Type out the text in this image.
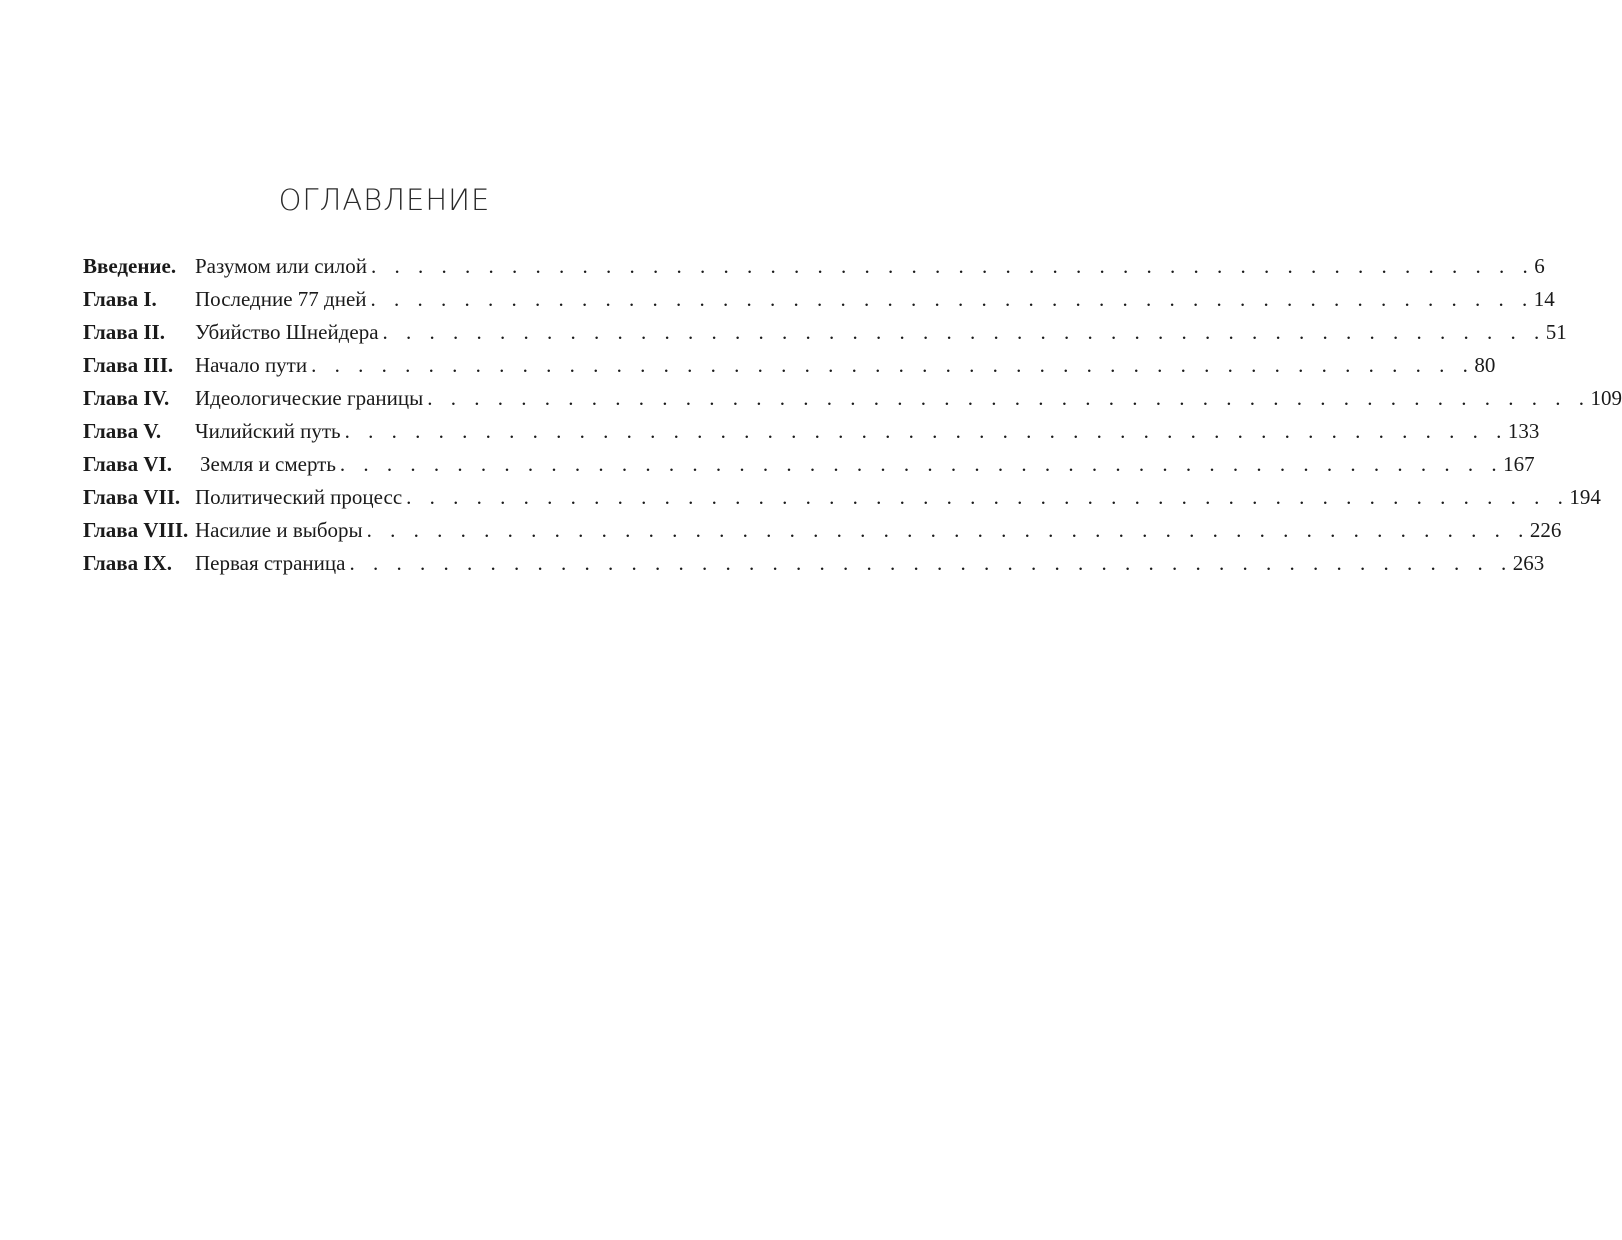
ОГЛАВЛЕНИЕ
Введение. Разумом или силой . . . . . . . . . . . . . . . . . . . . . . . . . . . . . . . . . . . . . . . . . . . . . . . . . . 6
Глава I.	Последние 77 дней . . . . . . . . . . . . . . . . . . . . . . . . . . . . . . . . . . . . . . . . . . . . . . . . . . 14
Глава II.	Убийство Шнейдера . . . . . . . . . . . . . . . . . . . . . . . . . . . . . . . . . . . . . . . . . . . . . . . . . . 51
Глава III.	Начало пути . . . . . . . . . . . . . . . . . . . . . . . . . . . . . . . . . . . . . . . . . . . . . . . . . . 80
Глава IV.	Идеологические границы . . . . . . . . . . . . . . . . . . . . . . . . . . . . . . . . . . . . . . . . . . . . . . . . . . 109
Глава V.	Чилийский путь . . . . . . . . . . . . . . . . . . . . . . . . . . . . . . . . . . . . . . . . . . . . . . . . . . 133
Глава VI.	Земля и смерть . . . . . . . . . . . . . . . . . . . . . . . . . . . . . . . . . . . . . . . . . . . . . . . . . . 167
Глава VII. Политический процесс . . . . . . . . . . . . . . . . . . . . . . . . . . . . . . . . . . . . . . . . . . . . . . . . . . 194
Глава VIII. Насилие и выборы . . . . . . . . . . . . . . . . . . . . . . . . . . . . . . . . . . . . . . . . . . . . . . . . . . 226
Глава IX.	Первая страница . . . . . . . . . . . . . . . . . . . . . . . . . . . . . . . . . . . . . . . . . . . . . . . . . . 263
